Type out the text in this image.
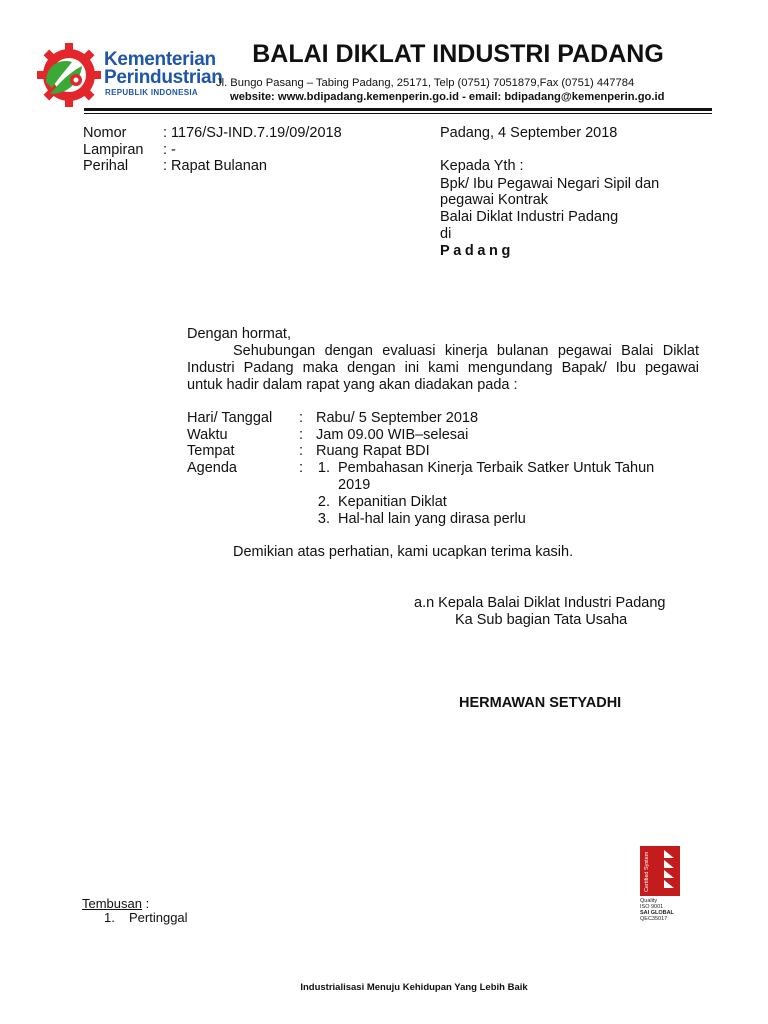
Kementerian
Perindustrian
REPUBLIK INDONESIA
BALAI DIKLAT INDUSTRI PADANG
Jl. Bungo Pasang – Tabing Padang, 25171, Telp (0751) 7051879,Fax (0751) 447784
website: www.bdipadang.kemenperin.go.id - email: bdipadang@kemenperin.go.id
Nomor	: 1176/SJ-IND.7.19/09/2018
Lampiran : -
Perihal : Rapat Bulanan
Padang, 4 September 2018
Kepada Yth :
Bpk/ Ibu Pegawai Negari Sipil dan
pegawai Kontrak
Balai Diklat Industri Padang
di
Padang
Dengan hormat,
Sehubungan dengan evaluasi kinerja bulanan pegawai Balai Diklat
Industri Padang maka dengan ini kami mengundang Bapak/ Ibu pegawai
untuk hadir dalam rapat yang akan diadakan pada :
Hari/ Tanggal : Rabu/ 5 September 2018
Waktu	: Jam 09.00 WIB–selesai
Tempat	: Ruang Rapat BDI
Agenda	: 1. Pembahasan Kinerja Terbaik Satker Untuk Tahun
2019
2. Kepanitian Diklat
3. Hal-hal lain yang dirasa perlu
Demikian atas perhatian, kami ucapkan terima kasih.
a.n Kepala Balai Diklat Industri Padang
Ka Sub bagian Tata Usaha
HERMAWAN SETYADHI
Certified System
Quality
ISO 9001
SAI GLOBAL
QEC35017
Tembusan :
1. Pertinggal
Industrialisasi Menuju Kehidupan Yang Lebih Baik
